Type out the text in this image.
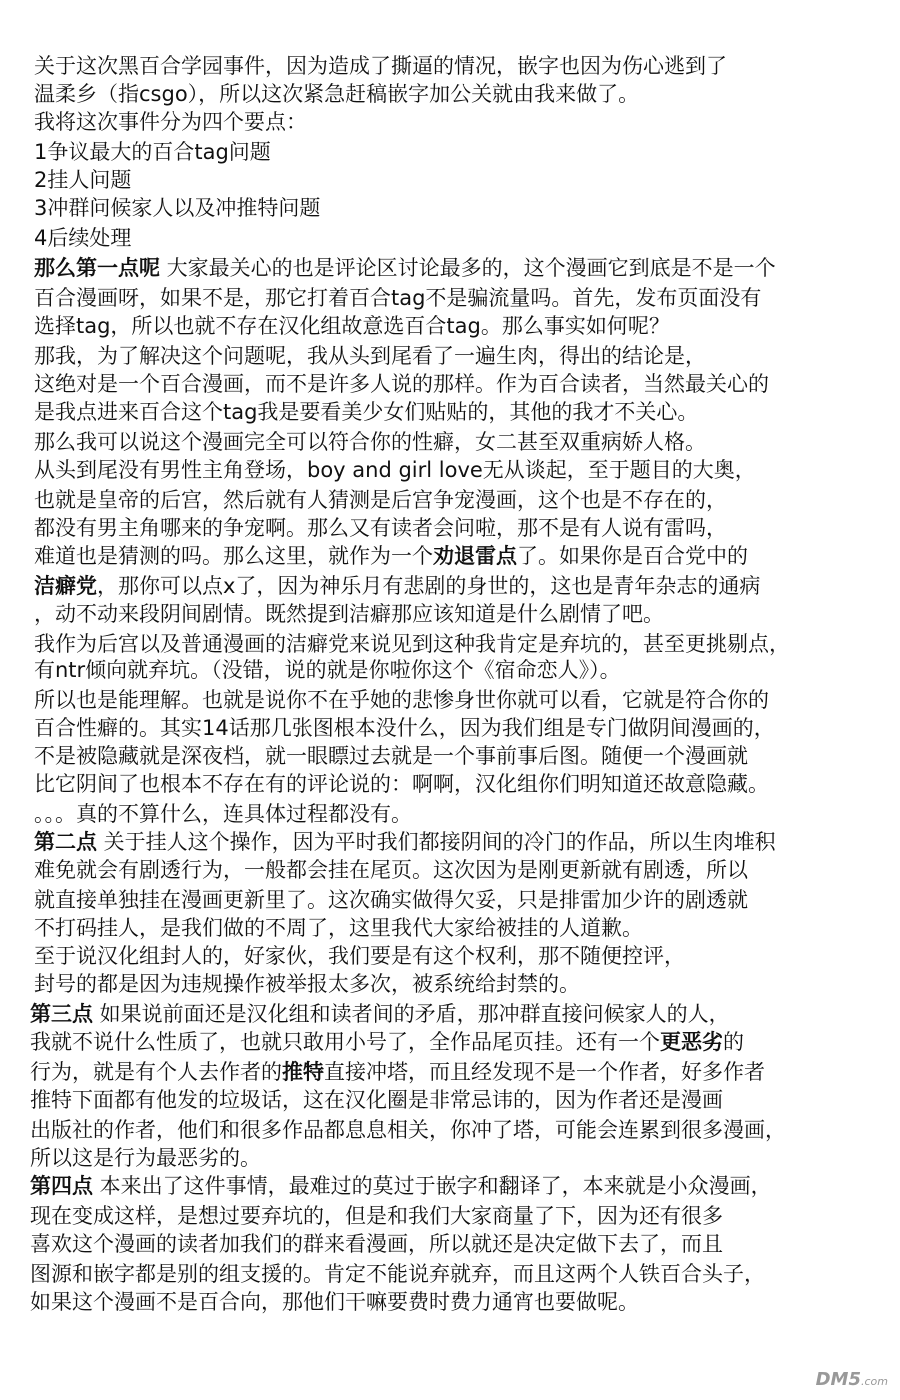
关于这次黑百合学园事件，因为造成了撕逼的情况，嵌字也因为伤心逃到了
温柔乡（指csgo），所以这次紧急赶稿嵌字加公关就由我来做了。
我将这次事件分为四个要点：
1争议最大的百合tag问题
2挂人问题
3冲群问候家人以及冲推特问题
4后续处理
那么第一点呢 大家最关心的也是评论区讨论最多的，这个漫画它到底是不是一个
百合漫画呀，如果不是，那它打着百合tag不是骗流量吗。首先，发布页面没有
选择tag，所以也就不存在汉化组故意选百合tag。那么事实如何呢？
那我，为了解决这个问题呢，我从头到尾看了一遍生肉，得出的结论是，
这绝对是一个百合漫画，而不是许多人说的那样。作为百合读者，当然最关心的
是我点进来百合这个tag我是要看美少女们贴贴的，其他的我才不关心。
那么我可以说这个漫画完全可以符合你的性癖，女二甚至双重病娇人格。
从头到尾没有男性主角登场，boy and girl love无从谈起，至于题目的大奥，
也就是皇帝的后宫，然后就有人猜测是后宫争宠漫画，这个也是不存在的，
都没有男主角哪来的争宠啊。那么又有读者会问啦，那不是有人说有雷吗，
难道也是猜测的吗。那么这里，就作为一个劝退雷点了。如果你是百合党中的
洁癖党，那你可以点x了，因为神乐月有悲剧的身世的，这也是青年杂志的通病
，动不动来段阴间剧情。既然提到洁癖那应该知道是什么剧情了吧。
我作为后宫以及普通漫画的洁癖党来说见到这种我肯定是弃坑的，甚至更挑剔点，
有ntr倾向就弃坑。（没错，说的就是你啦你这个《宿命恋人》）。
所以也是能理解。也就是说你不在乎她的悲惨身世你就可以看，它就是符合你的
百合性癖的。其实14话那几张图根本没什么，因为我们组是专门做阴间漫画的，
不是被隐藏就是深夜档，就一眼瞟过去就是一个事前事后图。随便一个漫画就
比它阴间了也根本不存在有的评论说的：啊啊，汉化组你们明知道还故意隐藏。
。。。真的不算什么，连具体过程都没有。
第二点 关于挂人这个操作，因为平时我们都接阴间的冷门的作品，所以生肉堆积
难免就会有剧透行为，一般都会挂在尾页。这次因为是刚更新就有剧透，所以
就直接单独挂在漫画更新里了。这次确实做得欠妥，只是排雷加少许的剧透就
不打码挂人，是我们做的不周了，这里我代大家给被挂的人道歉。
至于说汉化组封人的，好家伙，我们要是有这个权利，那不随便控评，
封号的都是因为违规操作被举报太多次，被系统给封禁的。
第三点 如果说前面还是汉化组和读者间的矛盾，那冲群直接问候家人的人，
我就不说什么性质了，也就只敢用小号了，全作品尾页挂。还有一个更恶劣的
行为，就是有个人去作者的推特直接冲塔，而且经发现不是一个作者，好多作者
推特下面都有他发的垃圾话，这在汉化圈是非常忌讳的，因为作者还是漫画
出版社的作者，他们和很多作品都息息相关，你冲了塔，可能会连累到很多漫画，
所以这是行为最恶劣的。
第四点 本来出了这件事情，最难过的莫过于嵌字和翻译了，本来就是小众漫画，
现在变成这样，是想过要弃坑的，但是和我们大家商量了下，因为还有很多
喜欢这个漫画的读者加我们的群来看漫画，所以就还是决定做下去了，而且
图源和嵌字都是别的组支援的。肯定不能说弃就弃，而且这两个人铁百合头子，
如果这个漫画不是百合向，那他们干嘛要费时费力通宵也要做呢。
DM5.com
